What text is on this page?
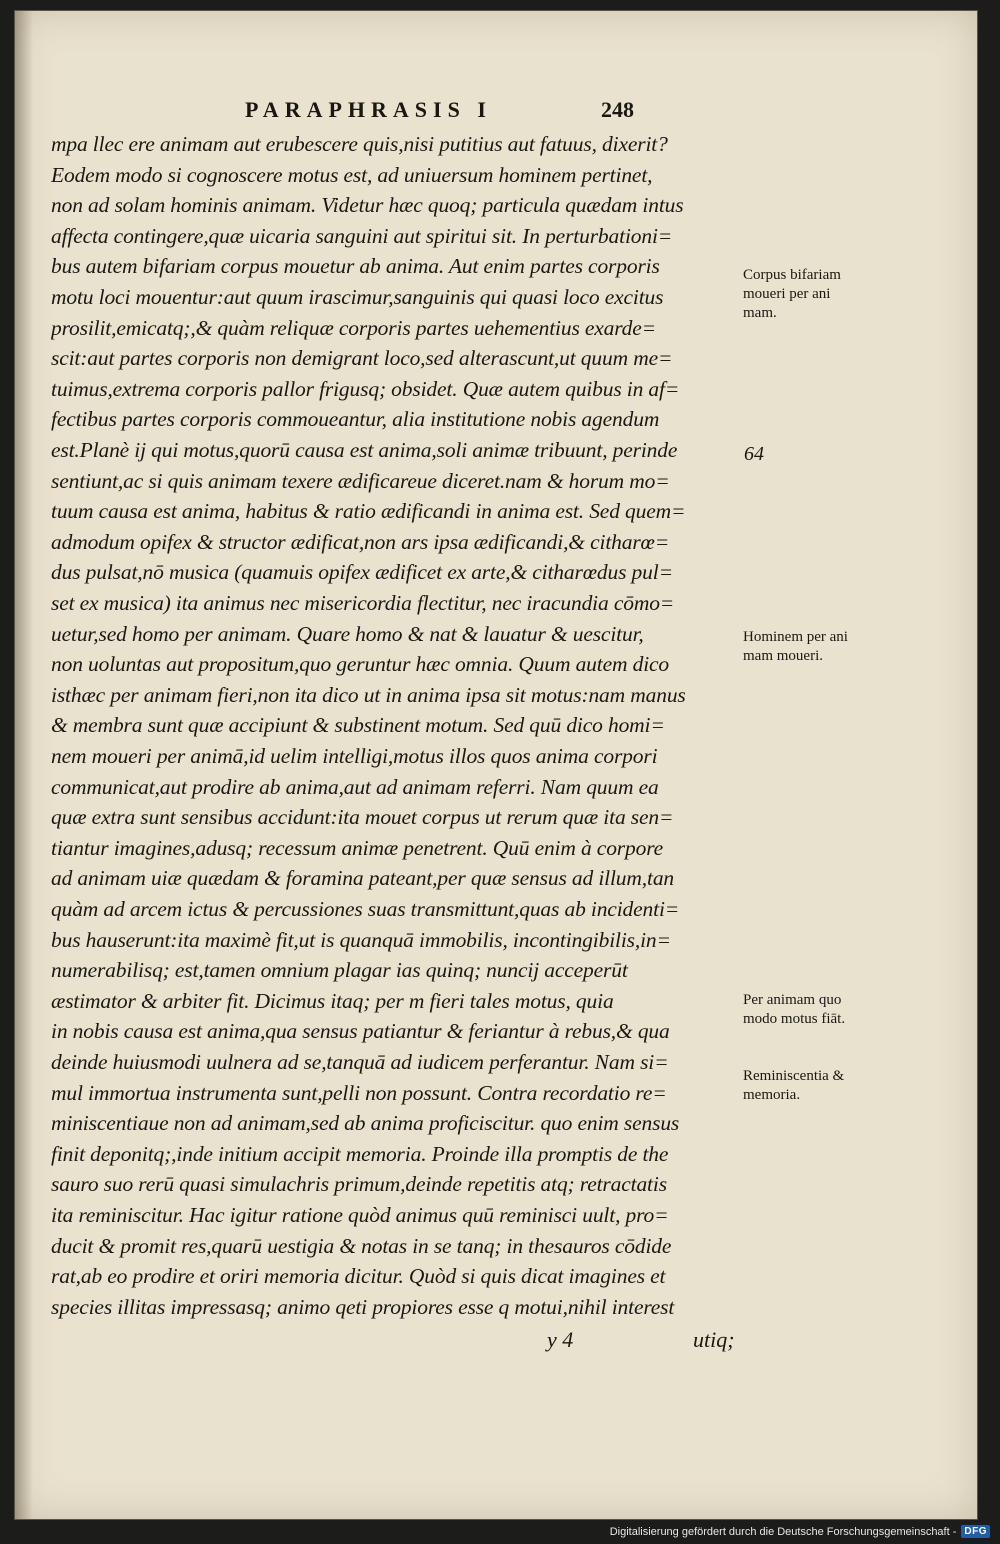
PARAPHRASIS I	248
mpa llec ere animam aut erubescere quis,nisi putitius aut fatuus, dixerit?
Eodem modo si cognoscere motus est, ad uniuersum hominem pertinet,
non ad solam hominis animam. Videtur hæc quoq; particula quædam intus
affecta contingere,quæ uicaria sanguini aut spiritui sit. In perturbationi=
bus autem bifariam corpus mouetur ab anima. Aut enim partes corporis
motu loci mouentur:aut quum irascimur,sanguinis qui quasi loco excitus
prosilit,emicatq;,& quàm reliquæ corporis partes uehementius exarde=
scit:aut partes corporis non demigrant loco,sed alterascunt,ut quum me=
tuimus,extrema corporis pallor frigusq; obsidet. Quæ autem quibus in af=
fectibus partes corporis commoueantur, alia institutione nobis agendum
est.Planè ij qui motus,quorū causa est anima,soli animæ tribuunt, perinde
sentiunt,ac si quis animam texere ædificareue diceret.nam & horum mo=
tuum causa est anima, habitus & ratio ædificandi in anima est. Sed quem=
admodum opifex & structor ædificat,non ars ipsa ædificandi,& citharœ=
dus pulsat,nō musica (quamuis opifex ædificet ex arte,& citharœdus pul=
set ex musica) ita animus nec misericordia flectitur, nec iracundia cōmo=
uetur,sed homo per animam. Quare homo & nat & lauatur & uescitur,
non uoluntas aut propositum,quo geruntur hæc omnia. Quum autem dico
isthæc per animam fieri,non ita dico ut in anima ipsa sit motus:nam manus
& membra sunt quæ accipiunt & substinent motum. Sed quū dico homi=
nem moueri per animā,id uelim intelligi,motus illos quos anima corpori
communicat,aut prodire ab anima,aut ad animam referri. Nam quum ea
quæ extra sunt sensibus accidunt:ita mouet corpus ut rerum quæ ita sen=
tiantur imagines,adusq; recessum animæ penetrent. Quū enim à corpore
ad animam uiæ quædam & foramina pateant,per quæ sensus ad illum,tan
quàm ad arcem ictus & percussiones suas transmittunt,quas ab incidenti=
bus hauserunt:ita maximè fit,ut is quanquā immobilis, incontingibilis,in=
numerabilisq; est,tamen omnium plagar ias quinq; nuncij acceperūt
æstimator & arbiter fit. Dicimus itaq; per m fieri tales motus, quia
in nobis causa est anima,qua sensus patiantur & feriantur à rebus,& qua
deinde huiusmodi uulnera ad se,tanquā ad iudicem perferantur. Nam si=
mul immortua instrumenta sunt,pelli non possunt. Contra recordatio re=
miniscentiaue non ad animam,sed ab anima proficiscitur. quo enim sensus
finit deponitq;,inde initium accipit memoria. Proinde illa promptis de the
sauro suo rerū quasi simulachris primum,deinde repetitis atq; retractatis
ita reminiscitur. Hac igitur ratione quòd animus quū reminisci uult, pro=
ducit & promit res,quarū uestigia & notas in se tanq; in thesauros cōdide
rat,ab eo prodire et oriri memoria dicitur. Quòd si quis dicat imagines et
species illitas impressasq; animo qeti propiores esse q motui,nihil interest
64
Corpus bifariam
moueri per ani
mam.
Hominem per ani
mam moueri.
Per animam quo
modo motus fiāt.
Reminiscentia &
memoria.
y 4	utiq;
Digitalisierung gefördert durch die Deutsche Forschungsgemeinschaft - DFG
